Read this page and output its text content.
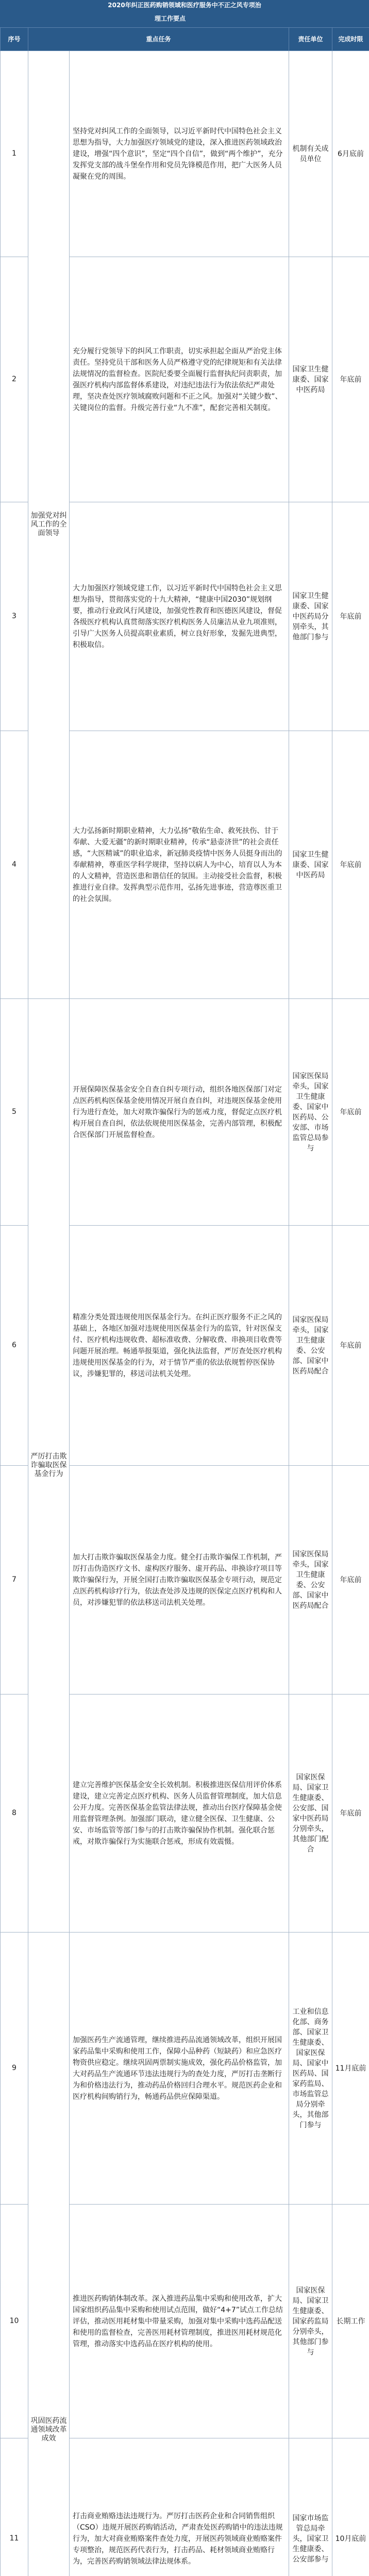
2020年纠正医药购销领域和医疗服务中不正之风专项治
理工作要点
序号	重点任务		责任单位	完成时限
1	加强党对纠风工作的全面领导	坚持党对纠风工作的全面领导，以习近平新时代中国特色社会主义思想为指导，大力加强医疗领域党的建设，深入推进医药领域政治建设，增强“四个意识”，坚定“四个自信”，做到“两个维护”，充分发挥党支部的战斗堡垒作用和党员先锋模范作用，把广大医务人员凝聚在党的周围。	机制有关成员单位	6月底前
2		充分履行党领导下的纠风工作职责，切实承担起全面从严治党主体责任。坚持党员干部和医务人员严格遵守党的纪律规矩和有关法律法规情况的监督检查。医院纪委要全面履行监督执纪问责职责，加强医疗机构内部监督体系建设，对违纪违法行为依法依纪严肃处理，坚决查处医疗领域腐败问题和不正之风。加强对“关键少数”、关键岗位的监督。升级完善行业“九不准”，配套完善相关制度。	国家卫生健康委、国家中医药局	年底前
3		大力加强医疗领域党建工作，以习近平新时代中国特色社会主义思想为指导，贯彻落实党的十九大精神，“健康中国2030”规划纲要，推动行业政风行风建设，加强党性教育和医德医风建设，督促各级医疗机构认真贯彻落实医疗机构医务人员廉洁从业九项准则，引导广大医务人员提高职业素质，树立良好形象，发掘先进典型，积极取信。	国家卫生健康委、国家中医药局分别牵头，其他部门参与	年底前
4		大力弘扬新时期职业精神，大力弘扬“敬佑生命、救死扶伤、甘于奉献、大爱无疆”的新时期职业精神，传承“悬壶济世”的社会责任感，“大医精诚”的职业追求，新冠肺炎疫情中医务人员挺身而出的奉献精神，尊重医学科学规律，坚持以病人为中心，培育以人为本的人文精神，营造医患和谐信任的氛围。主动接受社会监督，积极推进行业自律。发挥典型示范作用，弘扬先进事迹，营造尊医重卫的社会氛围。	国家卫生健康委、国家中医药局	年底前
5	严厉打击欺诈骗取医保基金行为	开展保障医保基金安全自查自纠专项行动，组织各地医保部门对定点医药机构医保基金使用情况开展自查自纠，对违规医保基金使用行为进行查处，加大对欺诈骗保行为的惩戒力度，督促定点医疗机构开展自查自纠，依法依规使用医保基金，完善内部管理，积极配合医保部门开展监督检查。	国家医保局牵头，国家卫生健康委、国家中医药局、公安部、市场监管总局参与	年底前
6		精准分类处置违规使用医保基金行为。在纠正医疗服务不正之风的基础上，各地区加强对违规使用医保基金行为的监管，针对医保支付、医疗机构违规收费、超标准收费、分解收费、串换项目收费等问题开展治理。畅通举报渠道，强化执法监督，严厉查处医疗机构违规使用医保基金的行为，对于情节严重的依法依规暂停医保协议，涉嫌犯罪的，移送司法机关处理。	国家医保局牵头，国家卫生健康委、公安部、国家中医药局配合	年底前
7		加大打击欺诈骗取医保基金力度。健全打击欺诈骗保工作机制，严厉打击伪造医疗文书、虚构医疗服务、虚开药品、串换诊疗项目等欺诈骗保行为，开展全国打击欺诈骗取医保基金专项行动，规范定点医药机构诊疗行为，依法查处涉及违规的医保定点医疗机构和人员，对涉嫌犯罪的依法移送司法机关处理。	国家医保局牵头，国家卫生健康委、公安部、国家中医药局配合	年底前
8		建立完善维护医保基金安全长效机制。积极推进医保信用评价体系建设，建立完善定点医疗机构、医务人员监督管理制度，加大信息公开力度。完善医保基金监管法律法规，推动出台医疗保障基金使用监督管理条例。加强部门联动，建立健全医保、卫生健康、公安、市场监管等部门参与的打击欺诈骗保协作机制。强化联合惩戒，对欺诈骗保行为实施联合惩戒，形成有效震慑。	国家医保局、国家卫生健康委、公安部、国家中医药局分别牵头，其他部门配合	年底前
9	巩固医药流通领域改革成效	加强医药生产流通管理，继续推进药品流通领域改革，组织开展国家药品集中采购和使用工作，保障小品种药（短缺药）和应急医疗物资供应稳定。继续巩固两票制实施成效，强化药品价格监管，加大对药品生产流通环节违法违规行为的查处力度，严厉打击垄断行为和价格违法行为，推动药品价格回归合理水平。规范医药企业和医疗机构间购销行为，畅通药品供应保障渠道。	工业和信息化部、商务部、国家卫生健康委、国家医保局、国家中医药局、国家药监局、市场监管总局分别牵头，其他部门参与	11月底前
10		推进医药购销体制改革。深入推进药品集中采购和使用改革，扩大国家组织药品集中采购和使用试点范围，做好“4+7”试点工作总结评估，推动医用耗材集中带量采购，加强对集中采购中选药品配送和使用的监督检查，完善医用耗材管理制度，推进医用耗材规范化管理，推动落实中选药品在医疗机构的使用。	国家医保局、国家卫生健康委、国家药监局分别牵头，其他部门参与	长期工作
11		打击商业贿赂违法违规行为。严厉打击医药企业和合同销售组织（CSO）违规开展医药购销活动，严肃查处医药购销中的违法违规行为，加大对商业贿赂案件查处力度，开展医药领域商业贿赂案件专项整治，规范医药代表行为，打击药品、耗材领域商业贿赂行为，完善医药购销领域法律法规体系。	国家市场监管总局牵头，国家卫生健康委、公安部参与	10月底前
